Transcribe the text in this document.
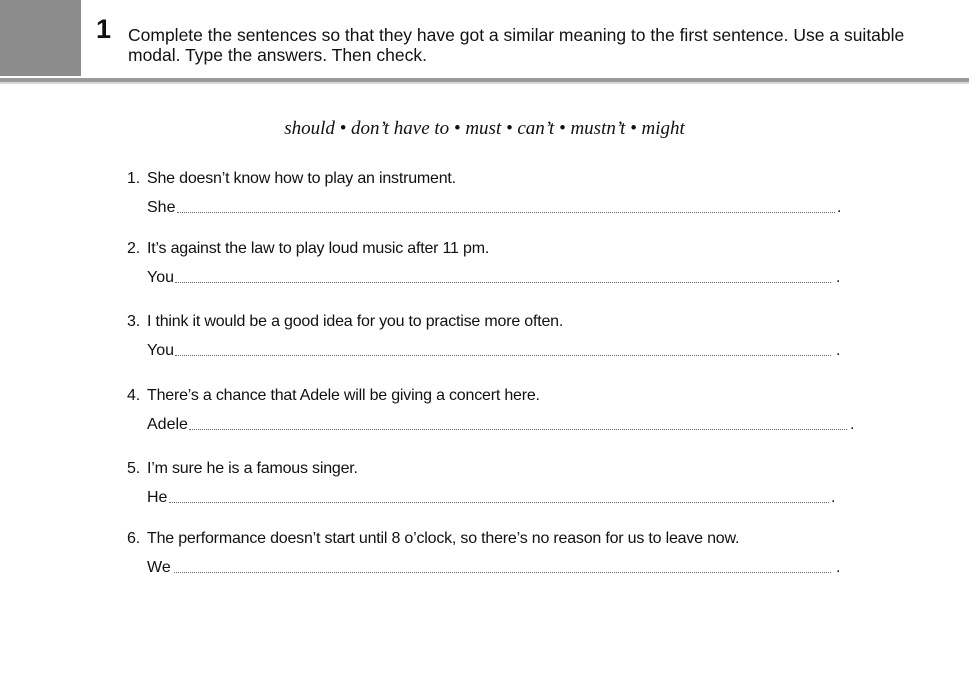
1 Complete the sentences so that they have got a similar meaning to the first sentence. Use a suitable modal. Type the answers. Then check.
should • don’t have to • must • can’t • mustn’t • might
1. She doesn’t know how to play an instrument.
She	.
2. It’s against the law to play loud music after 11 pm.
You	.
3. I think it would be a good idea for you to practise more often.
You	.
4. There’s a chance that Adele will be giving a concert here.
Adele	.
5. I’m sure he is a famous singer.
He	.
6. The performance doesn’t start until 8 o’clock, so there’s no reason for us to leave now.
We	.
